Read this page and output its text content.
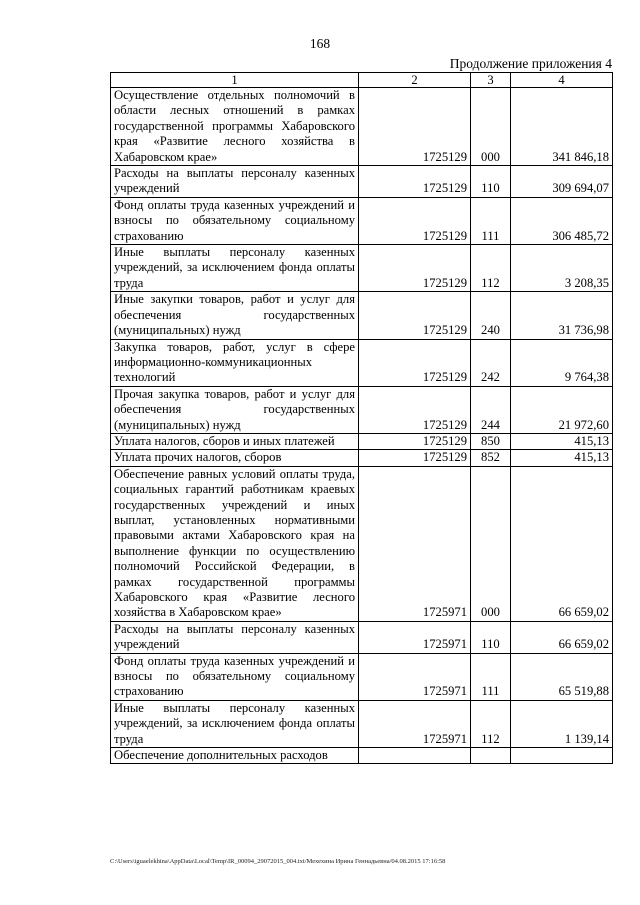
168
Продолжение приложения 4
1	2	3	4
Осуществление отдельных полномочий в области лесных отношений в рамках государственной программы Хабаровского края «Развитие лесного хозяйства в Хабаровском крае»	1725129	000	341 846,18
Расходы на выплаты персоналу казенных учреждений	1725129	110	309 694,07
Фонд оплаты труда казенных учреждений и взносы по обязательному социальному страхованию	1725129	111	306 485,72
Иные выплаты персоналу казенных учреждений, за исключением фонда оплаты труда	1725129	112	3 208,35
Иные закупки товаров, работ и услуг для обеспечения государственных (муниципальных) нужд	1725129	240	31 736,98
Закупка товаров, работ, услуг в сфере информационно-коммуникационных технологий	1725129	242	9 764,38
Прочая закупка товаров, работ и услуг для обеспечения государственных (муниципальных) нужд	1725129	244	21 972,60
Уплата налогов, сборов и иных платежей	1725129	850	415,13
Уплата прочих налогов, сборов	1725129	852	415,13
Обеспечение равных условий оплаты труда, социальных гарантий работникам краевых государственных учреждений и иных выплат, установленных нормативными правовыми актами Хабаровского края на выполнение функции по осуществлению полномочий Российской Федерации, в рамках государственной программы Хабаровского края «Развитие лесного хозяйства в Хабаровском крае»	1725971	000	66 659,02
Расходы на выплаты персоналу казенных учреждений	1725971	110	66 659,02
Фонд оплаты труда казенных учреждений и взносы по обязательному социальному страхованию	1725971	111	65 519,88
Иные выплаты персоналу казенных учреждений, за исключением фонда оплаты труда	1725971	112	1 139,14
Обеспечение дополнительных расходов			
C:\Users\iguaelekhina\AppData\Local\Temp\IR_00094_29072015_004.txt/Мехехина Ирина Геннадьевна/04.08.2015 17:16:58
